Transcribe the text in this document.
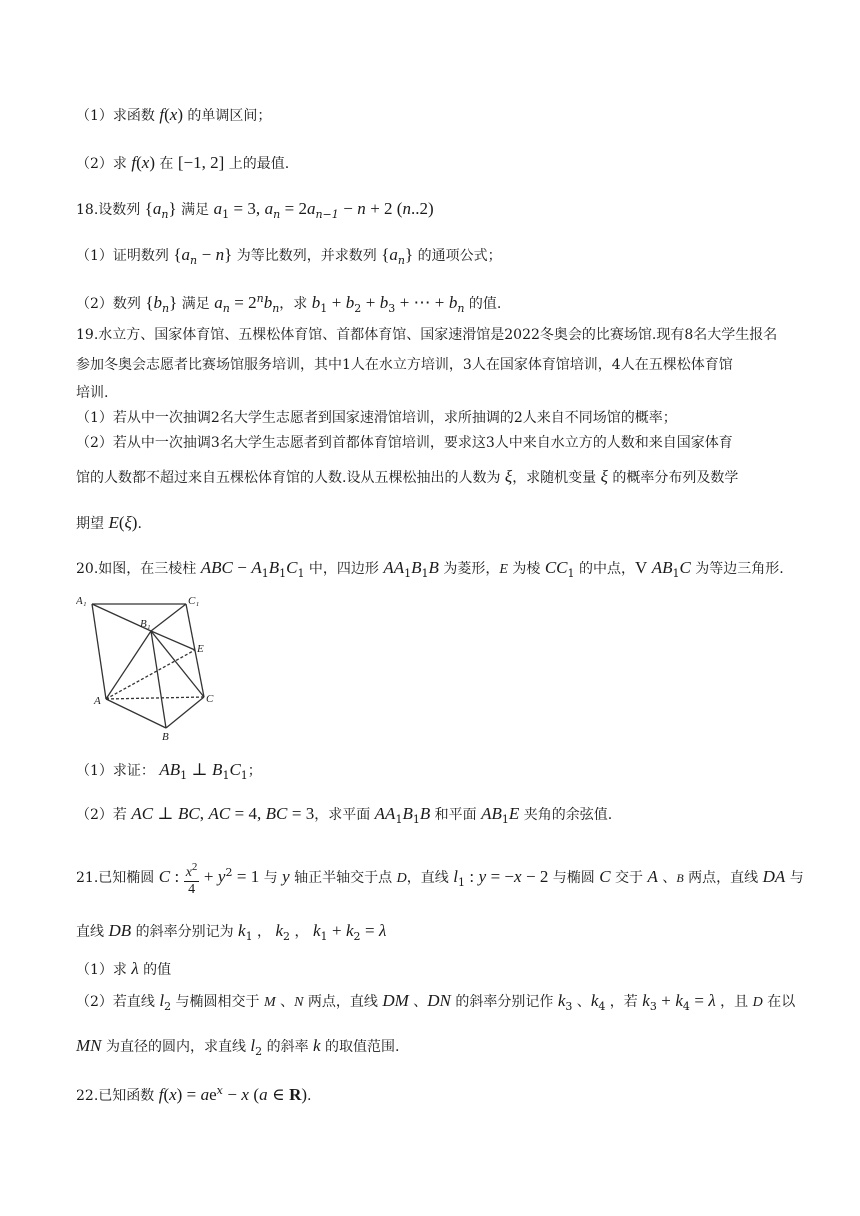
（1）求函数 f(x) 的单调区间；
（2）求 f(x) 在 [−1, 2] 上的最值.
18.设数列 $\{a_n\}$ 满足 $a_1 = 3$, $a_n = 2a_{n-1} - n + 2$ (n..2)
（1）证明数列 $\{a_n - n\}$ 为等比数列，并求数列 $\{a_n\}$ 的通项公式；
（2）数列 $\{b_n\}$ 满足 $a_n = 2^nb_n$，求 $b_1 + b_2 + b_3$ + ⋯ + $b_n$ 的值.
19.水立方、国家体育馆、五棵松体育馆、首都体育馆、国家速滑馆是2022冬奥会的比赛场馆.现有8名大学生报名
参加冬奥会志愿者比赛场馆服务培训，其中1人在水立方培训，3人在国家体育馆培训，4人在五棵松体育馆
培训.
（1）若从中一次抽调2名大学生志愿者到国家速滑馆培训，求所抽调的2人来自不同场馆的概率；
（2）若从中一次抽调3名大学生志愿者到首都体育馆培训，要求这3人中来自水立方的人数和来自国家体育
馆的人数都不超过来自五棵松体育馆的人数.设从五棵松抽出的人数为 ξ，求随机变量 ξ 的概率分布列及数学
期望 E(ξ).
20.如图，在三棱柱 ABC − $A_1B_1C_1$ 中，四边形 $AA_1B_1B$ 为菱形，E 为棱 $CC_1$ 的中点，V $AB_1C$ 为等边三角形.
A₁	C₁
B₁
E
A	C
B
（1）求证： $AB_1$ ⊥ $B_1C_1$；
（2）若 AC ⊥ BC, AC = 4, BC = 3，求平面 $AA_1B_1B$ 和平面 $AB_1E$ 夹角的余弦值.
21.已知椭圆 C : $\frac{x^2}{4} + y^2 = 1$ 与 y 轴正半轴交于点 D，直线 $l_1$ : y = −x − 2 与椭圆 C 交于 A 、B 两点，直线 DA 与
直线 DB 的斜率分别记为 $k_1$ ， $k_2$ ， $k_1 + k_2 = \lambda$
（1）求 λ 的值
（2）若直线 $l_2$ 与椭圆相交于 M 、N 两点，直线 DM 、DN 的斜率分别记作 $k_3$ 、$k_4$ ，若 $k_3 + k_4 = \lambda$ ，且 D 在以
MN 为直径的圆内，求直线 $l_2$ 的斜率 k 的取值范围.
22.已知函数 $f(x) = ae^x - x$ (a ∈ R).
